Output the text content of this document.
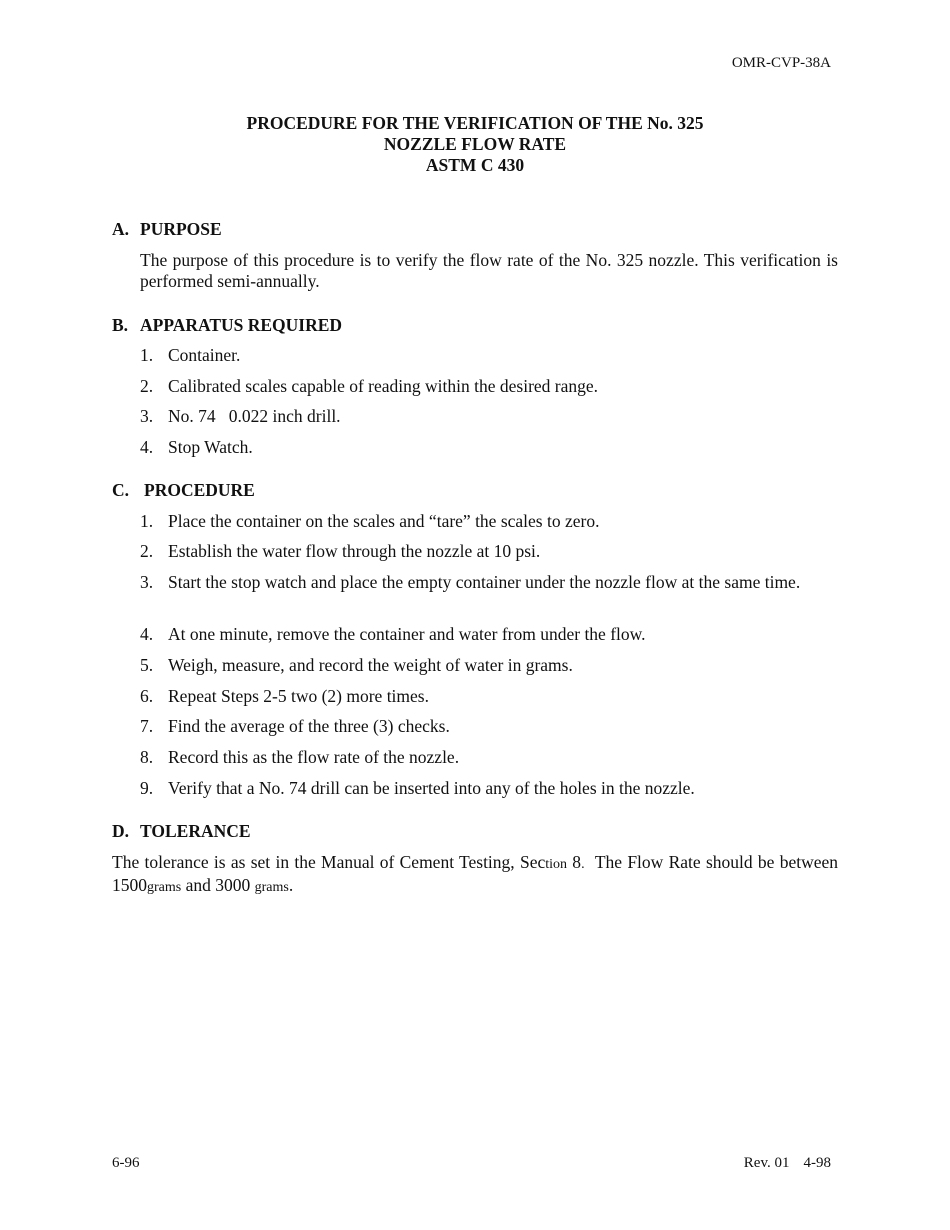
OMR-CVP-38A
PROCEDURE FOR THE VERIFICATION OF THE No. 325
NOZZLE FLOW RATE
ASTM C 430
A. PURPOSE
The purpose of this procedure is to verify the flow rate of the No. 325 nozzle. This verification is performed semi-annually.
B. APPARATUS REQUIRED
1. Container.
2. Calibrated scales capable of reading within the desired range.
3. No. 74   0.022 inch drill.
4. Stop Watch.
C. PROCEDURE
1. Place the container on the scales and “tare” the scales to zero.
2. Establish the water flow through the nozzle at 10 psi.
3. Start the stop watch and place the empty container under the nozzle flow at the same time.
4. At one minute, remove the container and water from under the flow.
5. Weigh, measure, and record the weight of water in grams.
6. Repeat Steps 2-5 two (2) more times.
7. Find the average of the three (3) checks.
8. Record this as the flow rate of the nozzle.
9. Verify that a No. 74 drill can be inserted into any of the holes in the nozzle.
D. TOLERANCE
The tolerance is as set in the Manual of Cement Testing, Section 8.  The Flow Rate should be between 1500grams and 3000 grams.
6-96	Rev. 01 4-98
